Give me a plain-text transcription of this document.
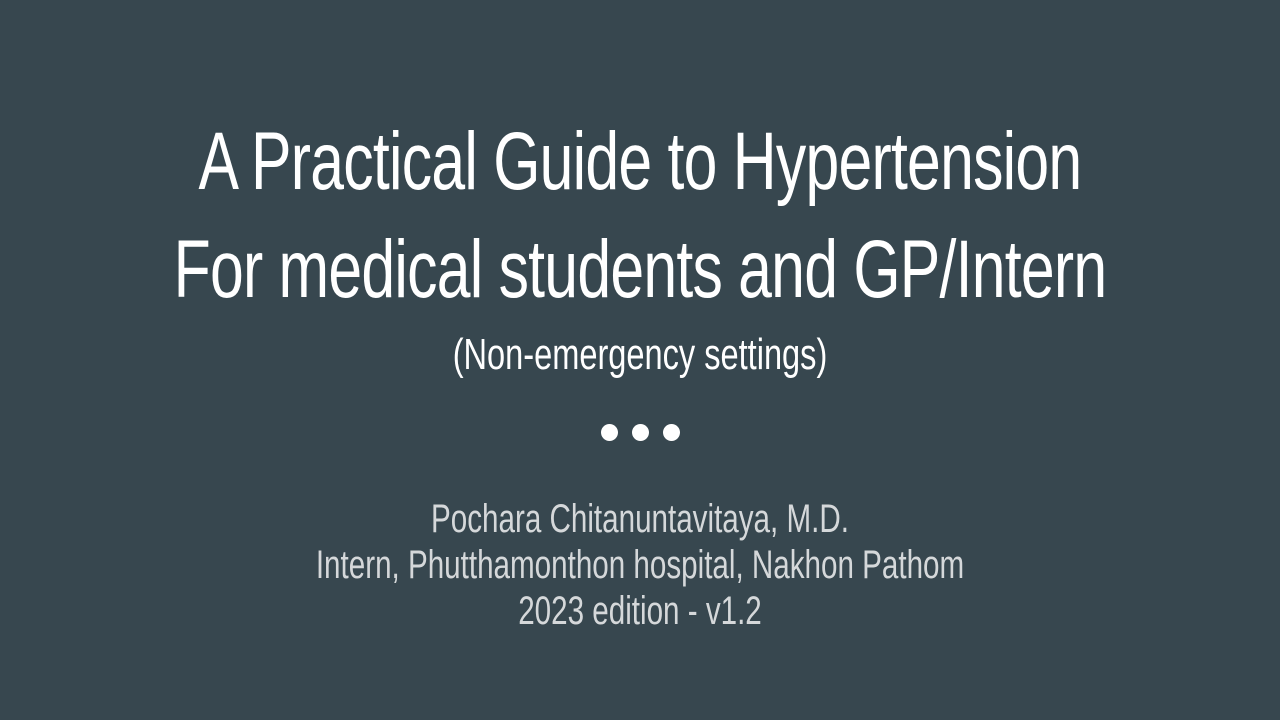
A Practical Guide to Hypertension
For medical students and GP/Intern
(Non-emergency settings)
Pochara Chitanuntavitaya, M.D.
Intern, Phutthamonthon hospital, Nakhon Pathom
2023 edition - v1.2
